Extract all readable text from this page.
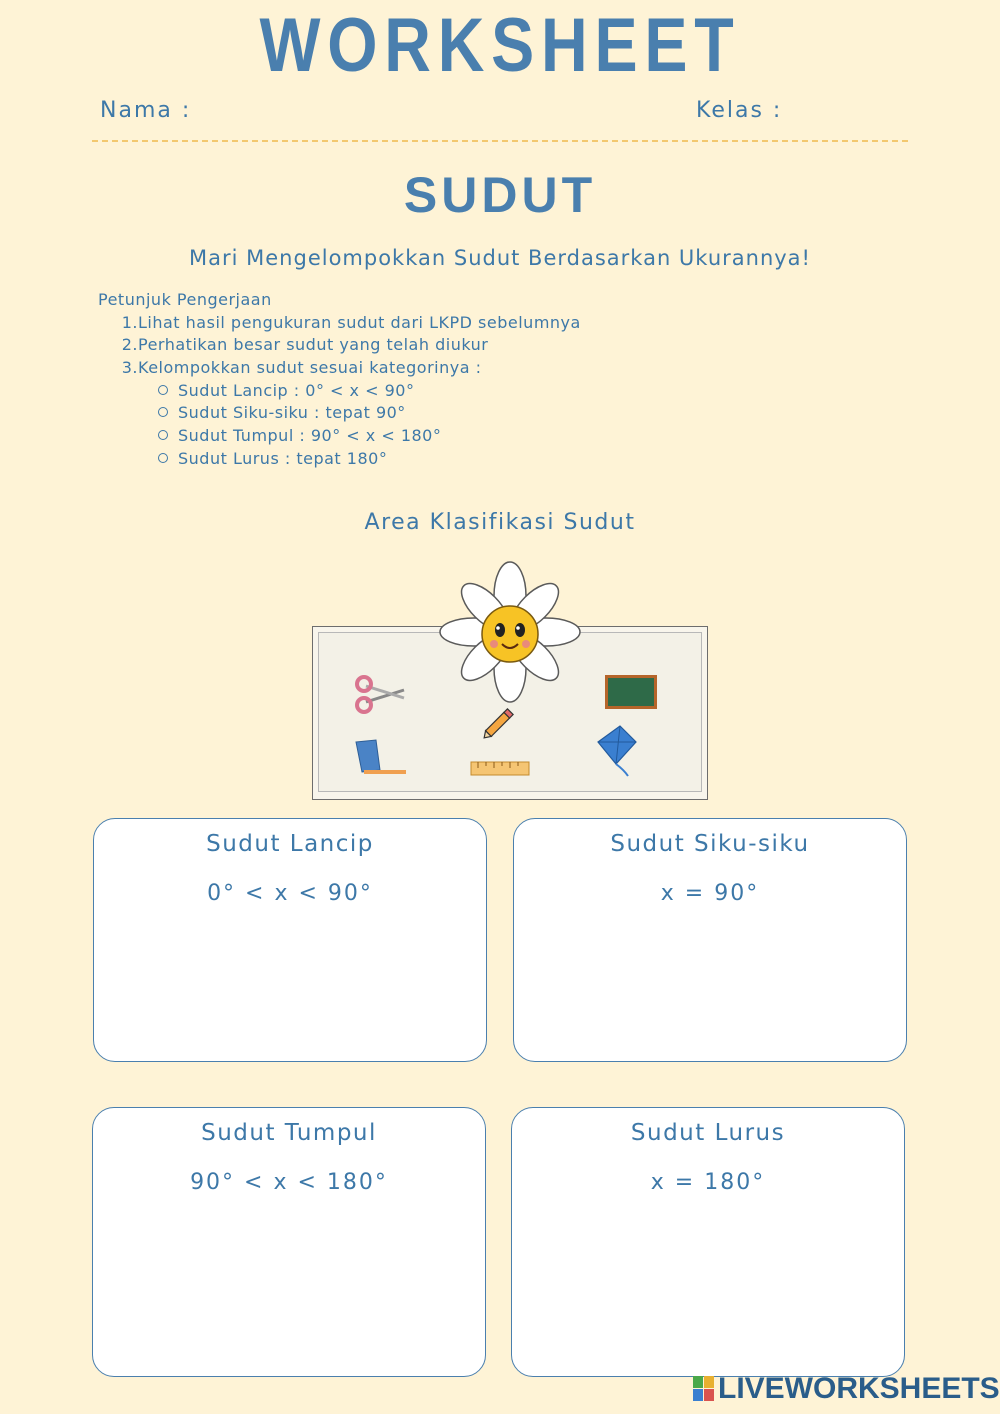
WORKSHEET
Nama :	Kelas :
SUDUT
Mari Mengelompokkan Sudut Berdasarkan Ukurannya!
Petunjuk Pengerjaan
1.Lihat hasil pengukuran sudut dari LKPD sebelumnya
2.Perhatikan besar sudut yang telah diukur
3.Kelompokkan sudut sesuai kategorinya :
Sudut Lancip : 0° < x < 90°
Sudut Siku-siku : tepat 90°
Sudut Tumpul : 90° < x < 180°
Sudut Lurus : tepat 180°
Area Klasifikasi Sudut
Sudut Lancip
0° < x < 90°
Sudut Siku-siku
x = 90°
Sudut Tumpul
90° < x < 180°
Sudut Lurus
x = 180°
LIVEWORKSHEETS
